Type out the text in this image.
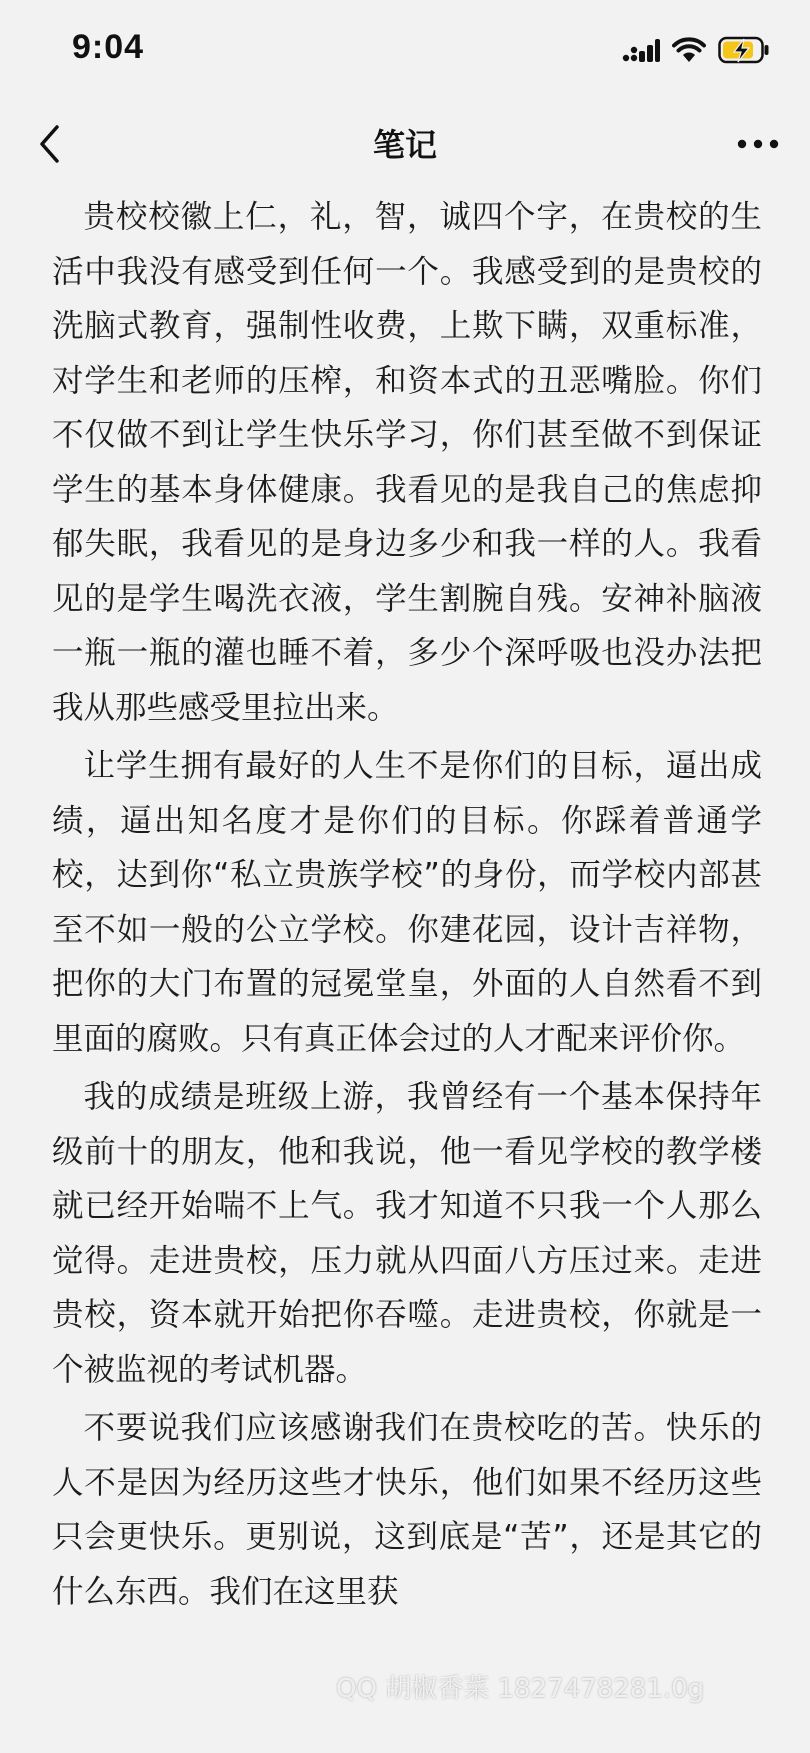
9:04
笔记

贵校校徽上仁，礼，智，诚四个字，在贵校的生活中我没有感受到任何一个。我感受到的是贵校的洗脑式教育，强制性收费，上欺下瞒，双重标准，对学生和老师的压榨，和资本式的丑恶嘴脸。你们不仅做不到让学生快乐学习，你们甚至做不到保证学生的基本身体健康。我看见的是我自己的焦虑抑郁失眠，我看见的是身边多少和我一样的人。我看见的是学生喝洗衣液，学生割腕自残。安神补脑液一瓶一瓶的灌也睡不着，多少个深呼吸也没办法把我从那些感受里拉出来。

让学生拥有最好的人生不是你们的目标，逼出成绩，逼出知名度才是你们的目标。你踩着普通学校，达到你“私立贵族学校”的身份，而学校内部甚至不如一般的公立学校。你建花园，设计吉祥物，把你的大门布置的冠冕堂皇，外面的人自然看不到里面的腐败。只有真正体会过的人才配来评价你。

我的成绩是班级上游，我曾经有一个基本保持年级前十的朋友，他和我说，他一看见学校的教学楼就已经开始喘不上气。我才知道不只我一个人那么觉得。走进贵校，压力就从四面八方压过来。走进贵校，资本就开始把你吞噬。走进贵校，你就是一个被监视的考试机器。

不要说我们应该感谢我们在贵校吃的苦。快乐的人不是因为经历这些才快乐，他们如果不经历这些只会更快乐。更别说，这到底是“苦”，还是其它的什么东西。我们在这里获

QQ 胡椒香菜 1827478281.0g
